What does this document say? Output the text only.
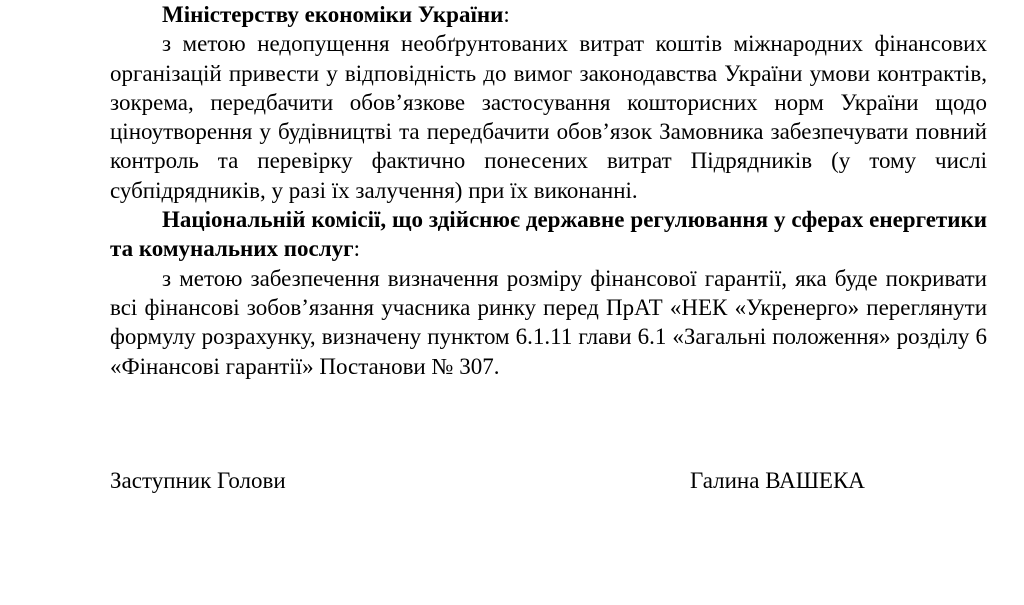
Міністерству економіки України:

з метою недопущення необґрунтованих витрат коштів міжнародних фінансових організацій привести у відповідність до вимог законодавства України умови контрактів, зокрема, передбачити обов’язкове застосування кошторисних норм України щодо ціноутворення у будівництві та передбачити обов’язок Замовника забезпечувати повний контроль та перевірку фактично понесених витрат Підрядників (у тому числі субпідрядників, у разі їх залучення) при їх виконанні.

Національній комісії, що здійснює державне регулювання у сферах енергетики та комунальних послуг:

з метою забезпечення визначення розміру фінансової гарантії, яка буде покривати всі фінансові зобов’язання учасника ринку перед ПрАТ «НЕК «Укренерго» переглянути формулу розрахунку, визначену пунктом 6.1.11 глави 6.1 «Загальні положення» розділу 6 «Фінансові гарантії» Постанови № 307.

Заступник Голови	Галина ВАШЕКА
